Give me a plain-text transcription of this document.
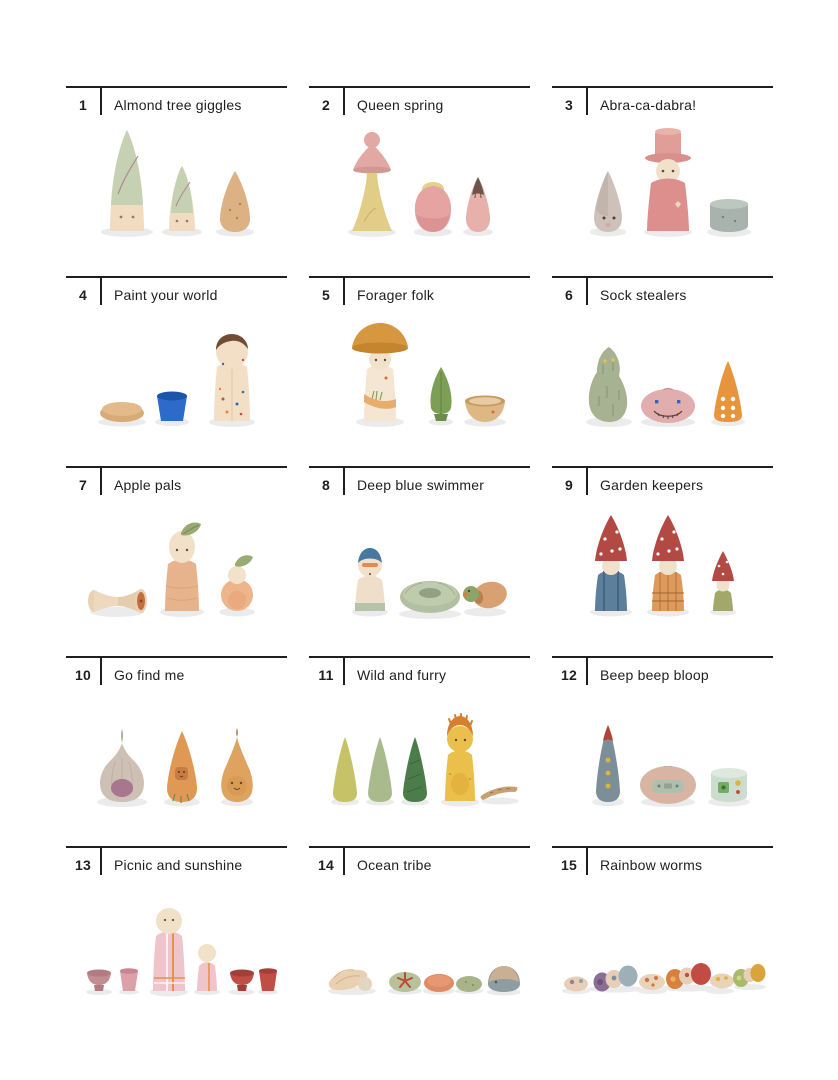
1	Almond tree giggles	2	Queen spring	3	Abra-ca-dabra!
4	Paint your world	5	Forager folk	6	Sock stealers
7	Apple pals	8	Deep blue swimmer	9	Garden keepers
10	Go find me	11	Wild and furry	12	Beep beep bloop
13	Picnic and sunshine	14	Ocean tribe	15	Rainbow worms
